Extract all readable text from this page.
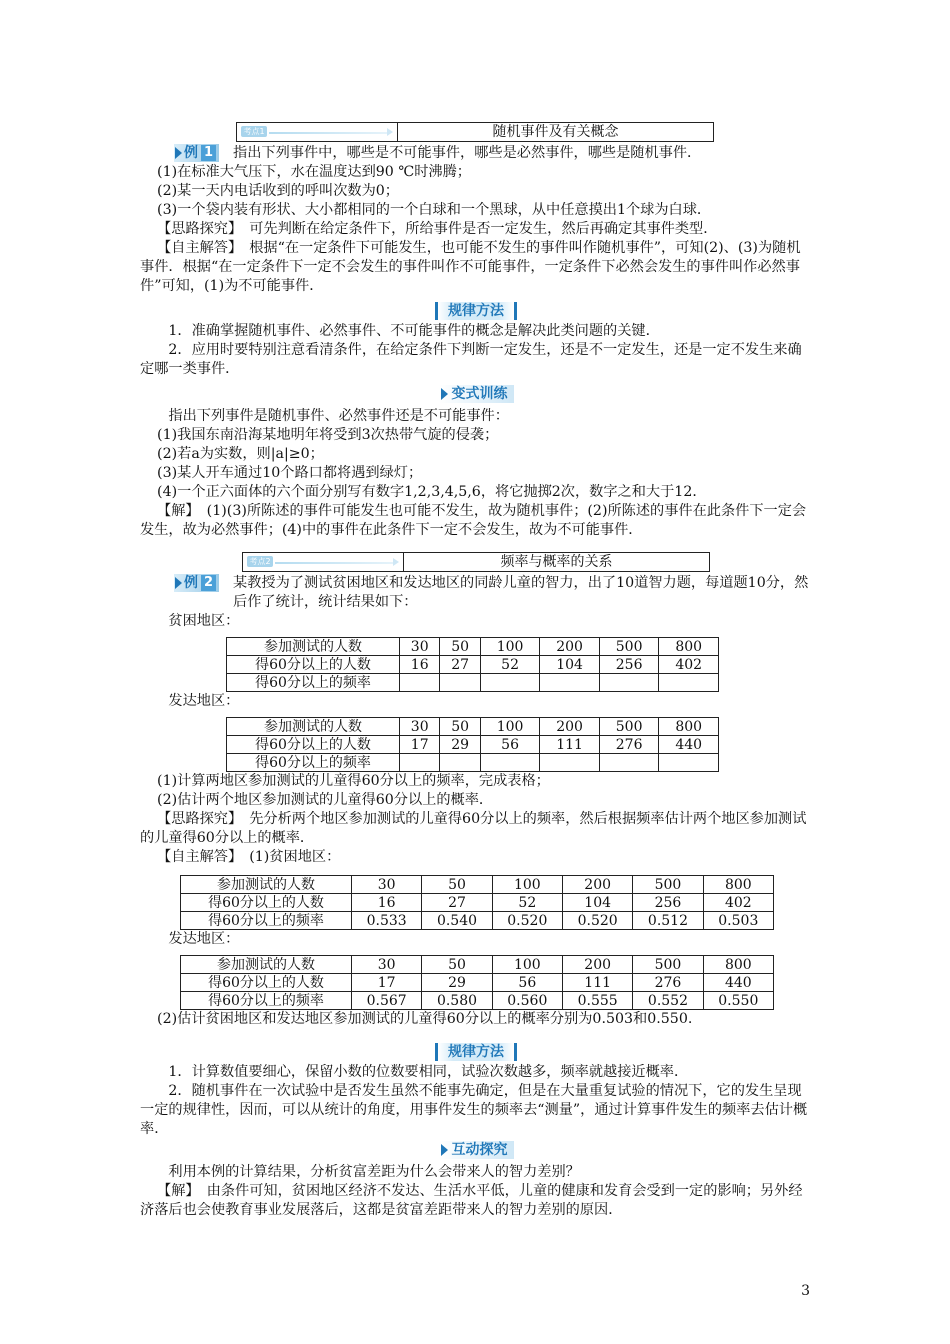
考点1	随机事件及有关概念
例 1 指出下列事件中，哪些是不可能事件，哪些是必然事件，哪些是随机事件．

(1)在标准大气压下，水在温度达到90 ℃时沸腾；

(2)某一天内电话收到的呼叫次数为0；

(3)一个袋内装有形状、大小都相同的一个白球和一个黑球，从中任意摸出1个球为白球．

【思路探究】　可先判断在给定条件下，所给事件是否一定发生，然后再确定其事件类型．

【自主解答】　根据“在一定条件下可能发生，也可能不发生的事件叫作随机事件”，可知(2)、(3)为随机事件．根据“在一定条件下一定不会发生的事件叫作不可能事件，一定条件下必然会发生的事件叫作必然事件”可知，(1)为不可能事件．

规律方法

1．准确掌握随机事件、必然事件、不可能事件的概念是解决此类问题的关键．

2．应用时要特别注意看清条件，在给定条件下判断一定发生，还是不一定发生，还是一定不发生来确定哪一类事件．

变式训练

指出下列事件是随机事件、必然事件还是不可能事件：

(1)我国东南沿海某地明年将受到3次热带气旋的侵袭；

(2)若a为实数，则|a|≥0；

(3)某人开车通过10个路口都将遇到绿灯；

(4)一个正六面体的六个面分别写有数字1,2,3,4,5,6，将它抛掷2次，数字之和大于12．

【解】　(1)(3)所陈述的事件可能发生也可能不发生，故为随机事件；(2)所陈述的事件在此条件下一定会发生，故为必然事件；(4)中的事件在此条件下一定不会发生，故为不可能事件．

考点2	频率与概率的关系
例 2 某教授为了测试贫困地区和发达地区的同龄儿童的智力，出了10道智力题，每道题10分，然后作了统计，统计结果如下：

贫困地区：

参加测试的人数	30	50	100	200	500	800
得60分以上的人数	16	27	52	104	256	402
得60分以上的频率						

发达地区：

参加测试的人数	30	50	100	200	500	800
得60分以上的人数	17	29	56	111	276	440
得60分以上的频率						

(1)计算两地区参加测试的儿童得60分以上的频率，完成表格；

(2)估计两个地区参加测试的儿童得60分以上的概率．

【思路探究】　先分析两个地区参加测试的儿童得60分以上的频率，然后根据频率估计两个地区参加测试的儿童得60分以上的概率．

【自主解答】　(1)贫困地区：

参加测试的人数	30	50	100	200	500	800
得60分以上的人数	16	27	52	104	256	402
得60分以上的频率	0.533	0.540	0.520	0.520	0.512	0.503

发达地区：

参加测试的人数	30	50	100	200	500	800
得60分以上的人数	17	29	56	111	276	440
得60分以上的频率	0.567	0.580	0.560	0.555	0.552	0.550

(2)估计贫困地区和发达地区参加测试的儿童得60分以上的概率分别为0.503和0.550.

规律方法

1．计算数值要细心，保留小数的位数要相同，试验次数越多，频率就越接近概率．

2．随机事件在一次试验中是否发生虽然不能事先确定，但是在大量重复试验的情况下，它的发生呈现一定的规律性，因而，可以从统计的角度，用事件发生的频率去“测量”，通过计算事件发生的频率去估计概率．

互动探究

利用本例的计算结果，分析贫富差距为什么会带来人的智力差别？

【解】　由条件可知，贫困地区经济不发达、生活水平低，儿童的健康和发育会受到一定的影响；另外经济落后也会使教育事业发展落后，这都是贫富差距带来人的智力差别的原因．

3
